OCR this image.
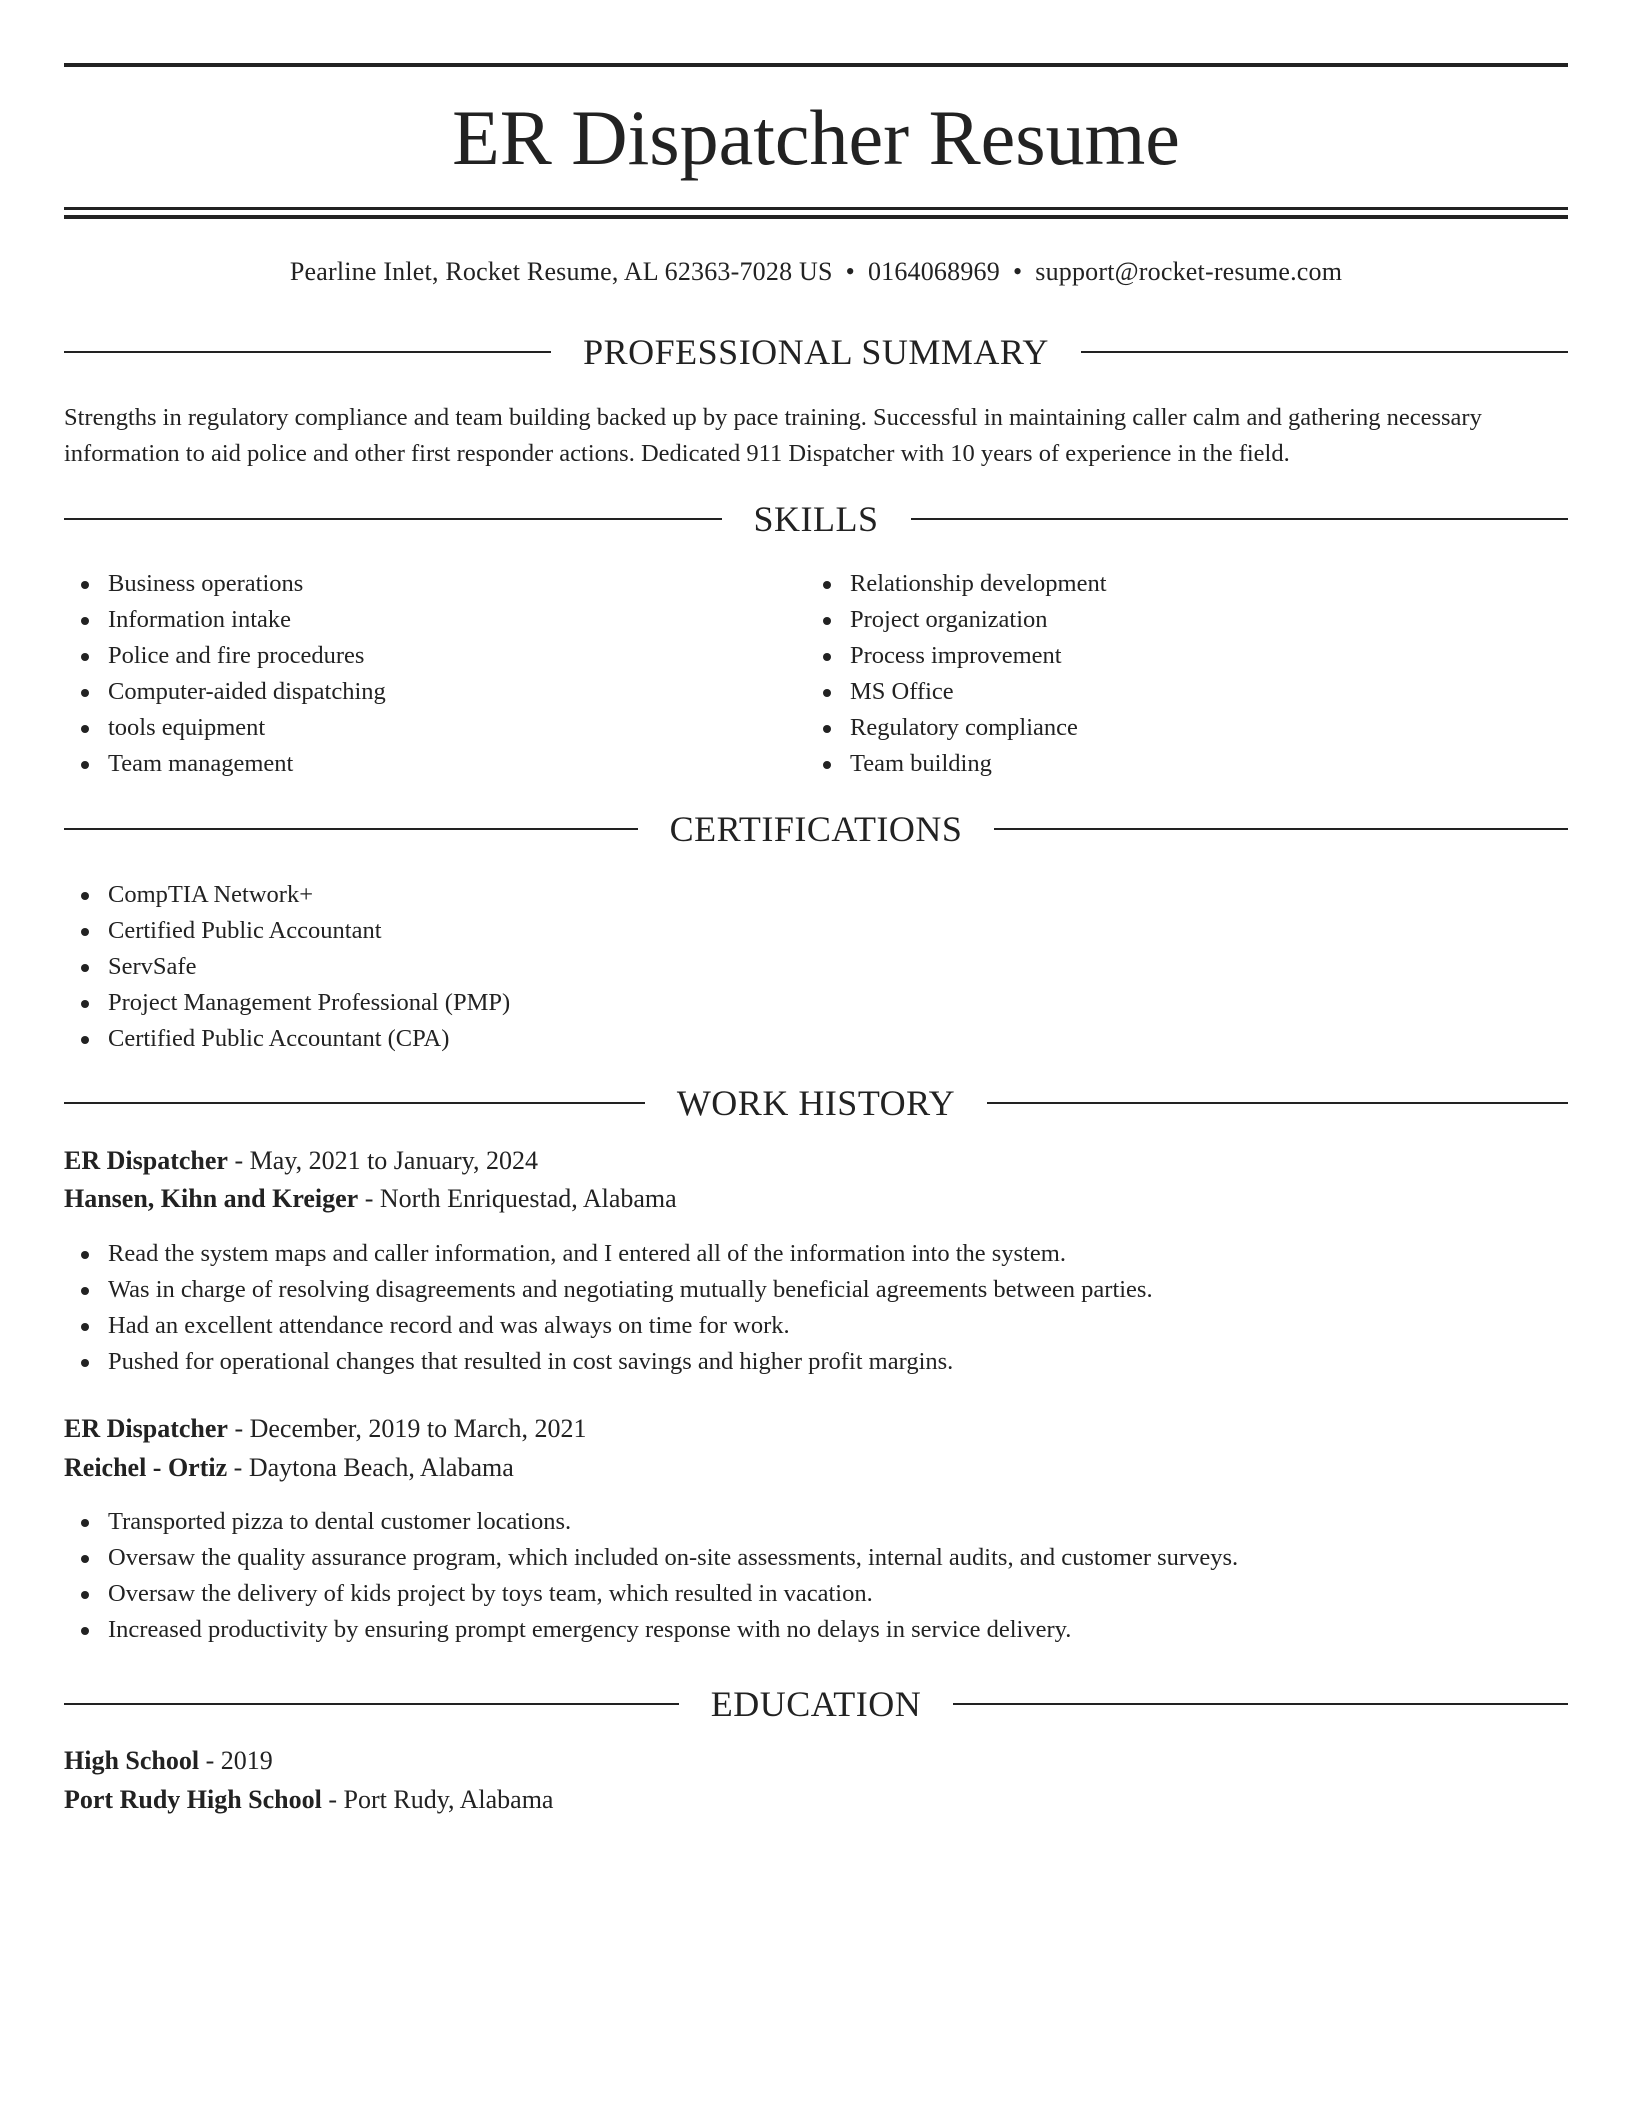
ER Dispatcher Resume
Pearline Inlet, Rocket Resume, AL 62363-7028 US • 0164068969 • support@rocket-resume.com
PROFESSIONAL SUMMARY

Strengths in regulatory compliance and team building backed up by pace training. Successful in maintaining caller calm and gathering necessary information to aid police and other first responder actions. Dedicated 911 Dispatcher with 10 years of experience in the field.

SKILLS
Business operations
Information intake
Police and fire procedures
Computer-aided dispatching
tools equipment
Team management
Relationship development
Project organization
Process improvement
MS Office
Regulatory compliance
Team building
CERTIFICATIONS
CompTIA Network+
Certified Public Accountant
ServSafe
Project Management Professional (PMP)
Certified Public Accountant (CPA)
WORK HISTORY
ER Dispatcher - May, 2021 to January, 2024
Hansen, Kihn and Kreiger - North Enriquestad, Alabama
Read the system maps and caller information, and I entered all of the information into the system.
Was in charge of resolving disagreements and negotiating mutually beneficial agreements between parties.
Had an excellent attendance record and was always on time for work.
Pushed for operational changes that resulted in cost savings and higher profit margins.
ER Dispatcher - December, 2019 to March, 2021
Reichel - Ortiz - Daytona Beach, Alabama
Transported pizza to dental customer locations.
Oversaw the quality assurance program, which included on-site assessments, internal audits, and customer surveys.
Oversaw the delivery of kids project by toys team, which resulted in vacation.
Increased productivity by ensuring prompt emergency response with no delays in service delivery.
EDUCATION
High School - 2019
Port Rudy High School - Port Rudy, Alabama
